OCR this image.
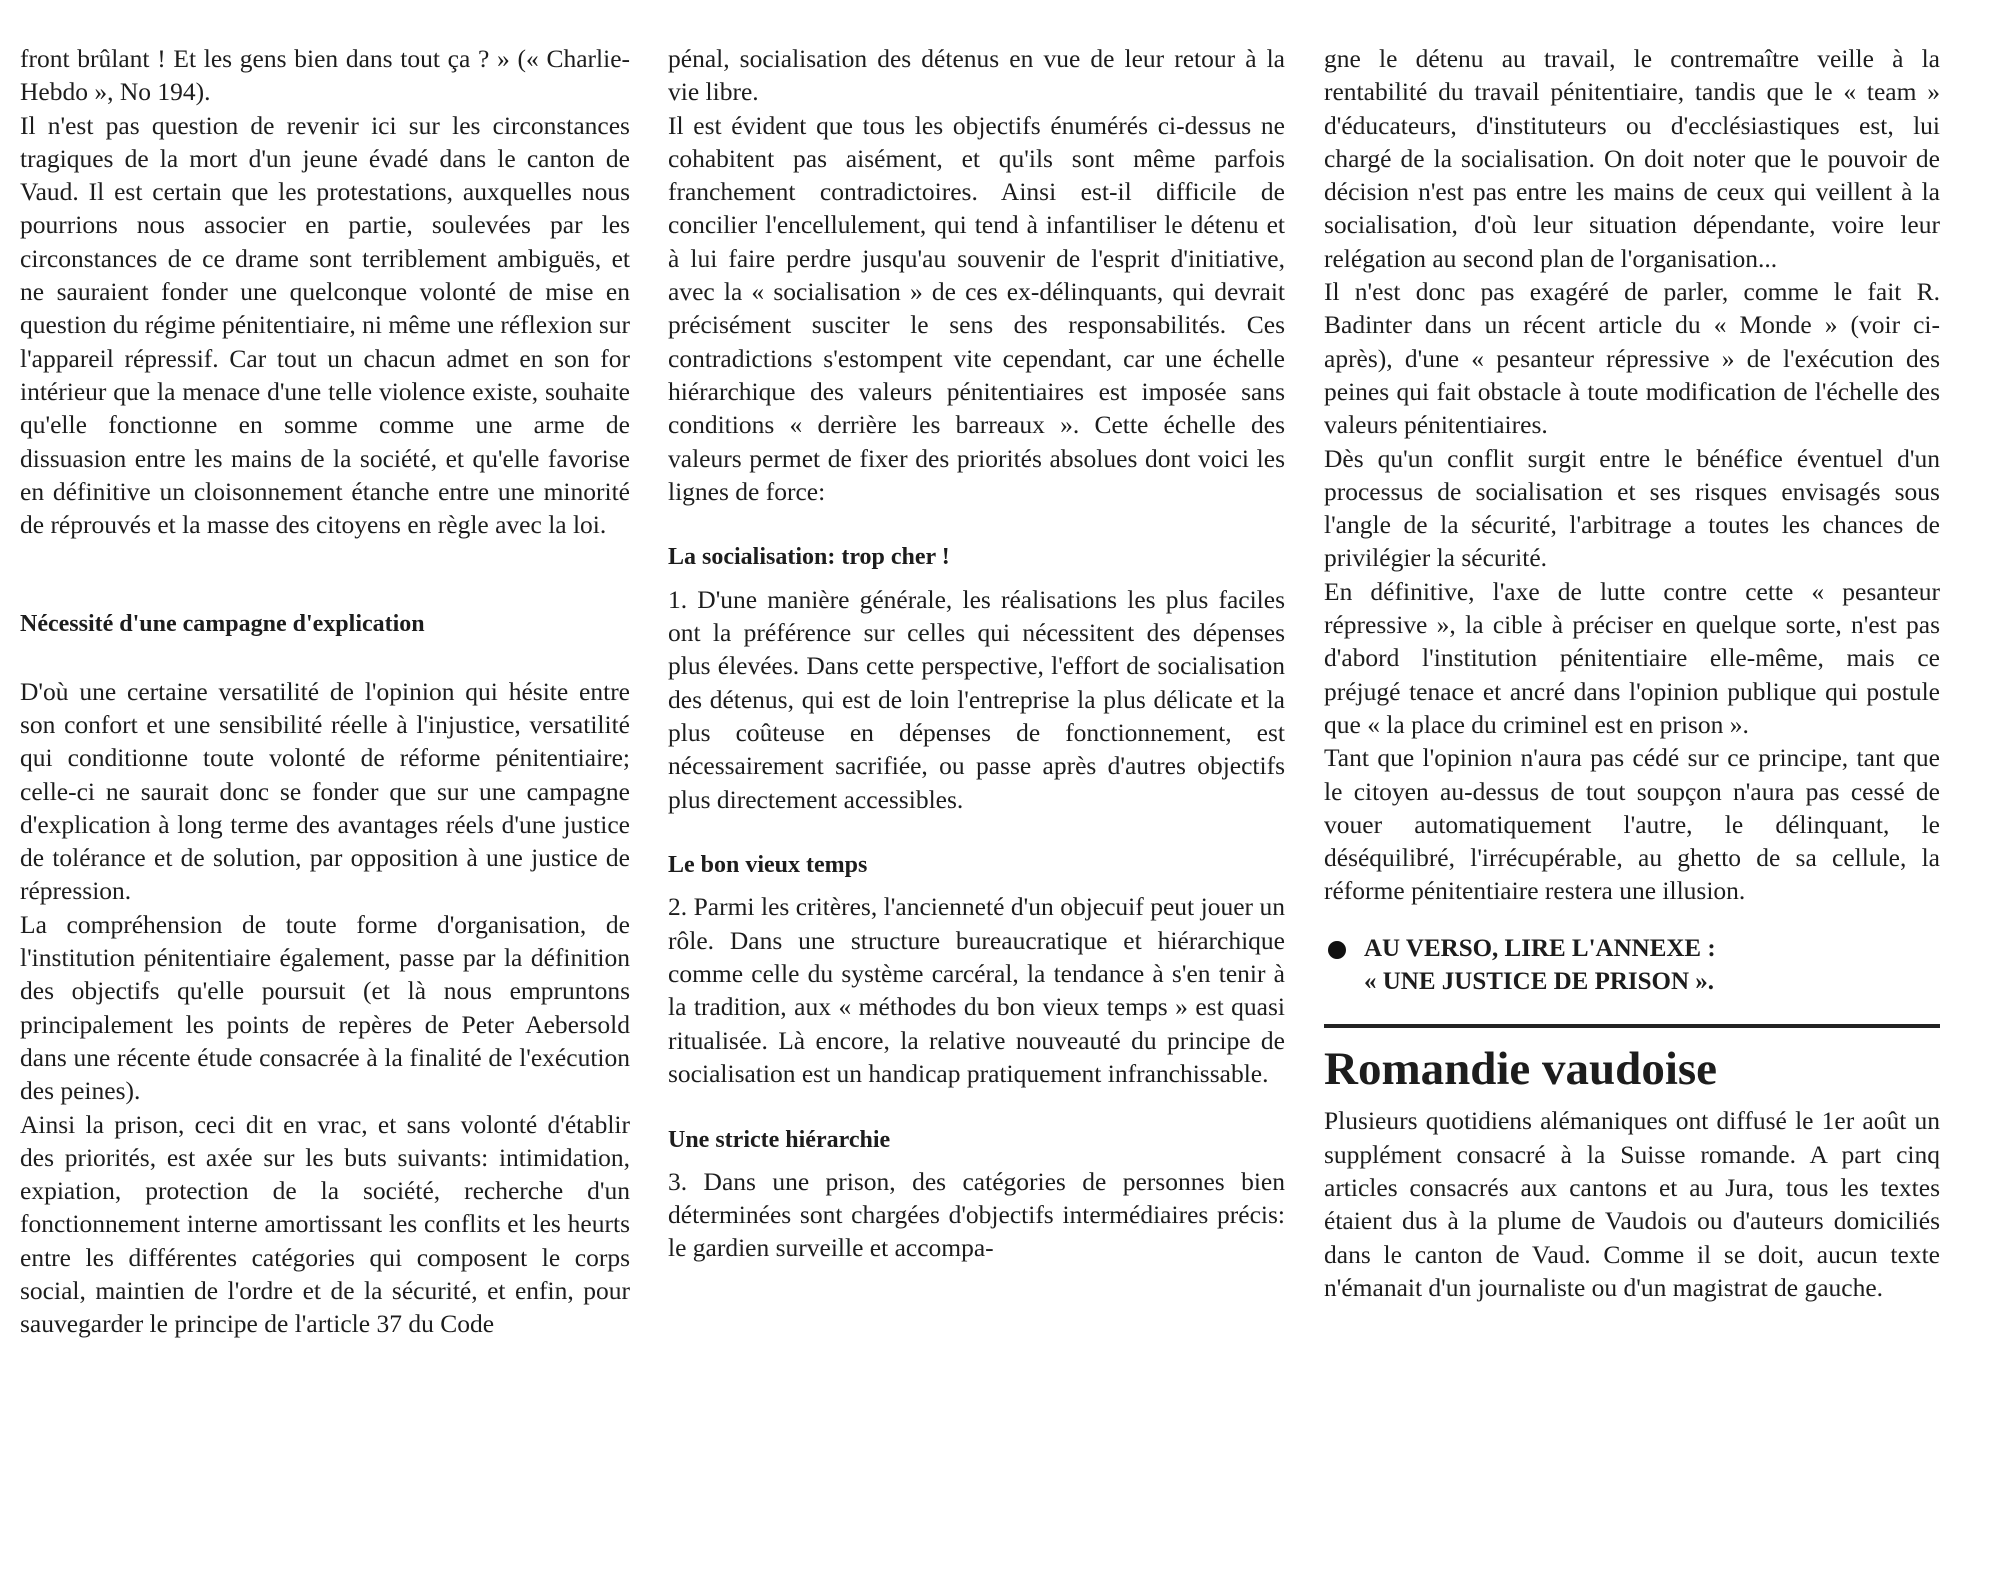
front brûlant ! Et les gens bien dans tout ça ? » (« Charlie-Hebdo », No 194).

Il n'est pas question de revenir ici sur les circonstances tragiques de la mort d'un jeune évadé dans le canton de Vaud. Il est certain que les protestations, auxquelles nous pourrions nous associer en partie, soulevées par les circonstances de ce drame sont terriblement ambiguës, et ne sauraient fonder une quelconque volonté de mise en question du régime pénitentiaire, ni même une réflexion sur l'appareil répressif. Car tout un chacun admet en son for intérieur que la menace d'une telle violence existe, souhaite qu'elle fonctionne en somme comme une arme de dissuasion entre les mains de la société, et qu'elle favorise en définitive un cloisonnement étanche entre une minorité de réprouvés et la masse des citoyens en règle avec la loi.

Nécessité d'une campagne d'explication

D'où une certaine versatilité de l'opinion qui hésite entre son confort et une sensibilité réelle à l'injustice, versatilité qui conditionne toute volonté de réforme pénitentiaire; celle-ci ne saurait donc se fonder que sur une campagne d'explication à long terme des avantages réels d'une justice de tolérance et de solution, par opposition à une justice de répression.

La compréhension de toute forme d'organisation, de l'institution pénitentiaire également, passe par la définition des objectifs qu'elle poursuit (et là nous empruntons principalement les points de repères de Peter Aebersold dans une récente étude consacrée à la finalité de l'exécution des peines).

Ainsi la prison, ceci dit en vrac, et sans volonté d'établir des priorités, est axée sur les buts suivants: intimidation, expiation, protection de la société, recherche d'un fonctionnement interne amortissant les conflits et les heurts entre les différentes catégories qui composent le corps social, maintien de l'ordre et de la sécurité, et enfin, pour sauvegarder le principe de l'article 37 du Code

pénal, socialisation des détenus en vue de leur retour à la vie libre.

Il est évident que tous les objectifs énumérés ci-dessus ne cohabitent pas aisément, et qu'ils sont même parfois franchement contradictoires. Ainsi est-il difficile de concilier l'encellulement, qui tend à infantiliser le détenu et à lui faire perdre jusqu'au souvenir de l'esprit d'initiative, avec la « socialisation » de ces ex-délinquants, qui devrait précisément susciter le sens des responsabilités. Ces contradictions s'estompent vite cependant, car une échelle hiérarchique des valeurs pénitentiaires est imposée sans conditions « derrière les barreaux ». Cette échelle des valeurs permet de fixer des priorités absolues dont voici les lignes de force:

La socialisation: trop cher !

1. D'une manière générale, les réalisations les plus faciles ont la préférence sur celles qui nécessitent des dépenses plus élevées. Dans cette perspective, l'effort de socialisation des détenus, qui est de loin l'entreprise la plus délicate et la plus coûteuse en dépenses de fonctionnement, est nécessairement sacrifiée, ou passe après d'autres objectifs plus directement accessibles.

Le bon vieux temps

2. Parmi les critères, l'ancienneté d'un objecuif peut jouer un rôle. Dans une structure bureaucratique et hiérarchique comme celle du système carcéral, la tendance à s'en tenir à la tradition, aux « méthodes du bon vieux temps » est quasi ritualisée. Là encore, la relative nouveauté du principe de socialisation est un handicap pratiquement infranchissable.

Une stricte hiérarchie

3. Dans une prison, des catégories de personnes bien déterminées sont chargées d'objectifs intermédiaires précis: le gardien surveille et accompa-

gne le détenu au travail, le contremaître veille à la rentabilité du travail pénitentiaire, tandis que le « team » d'éducateurs, d'instituteurs ou d'ecclésiastiques est, lui chargé de la socialisation. On doit noter que le pouvoir de décision n'est pas entre les mains de ceux qui veillent à la socialisation, d'où leur situation dépendante, voire leur relégation au second plan de l'organisation...

Il n'est donc pas exagéré de parler, comme le fait R. Badinter dans un récent article du « Monde » (voir ci-après), d'une « pesanteur répressive » de l'exécution des peines qui fait obstacle à toute modification de l'échelle des valeurs pénitentiaires.

Dès qu'un conflit surgit entre le bénéfice éventuel d'un processus de socialisation et ses risques envisagés sous l'angle de la sécurité, l'arbitrage a toutes les chances de privilégier la sécurité.

En définitive, l'axe de lutte contre cette « pesanteur répressive », la cible à préciser en quelque sorte, n'est pas d'abord l'institution pénitentiaire elle-même, mais ce préjugé tenace et ancré dans l'opinion publique qui postule que « la place du criminel est en prison ».

Tant que l'opinion n'aura pas cédé sur ce principe, tant que le citoyen au-dessus de tout soupçon n'aura pas cessé de vouer automatiquement l'autre, le délinquant, le déséquilibré, l'irrécupérable, au ghetto de sa cellule, la réforme pénitentiaire restera une illusion.

AU VERSO, LIRE L'ANNEXE :
« UNE JUSTICE DE PRISON ».
Romandie vaudoise

Plusieurs quotidiens alémaniques ont diffusé le 1er août un supplément consacré à la Suisse romande. A part cinq articles consacrés aux cantons et au Jura, tous les textes étaient dus à la plume de Vaudois ou d'auteurs domiciliés dans le canton de Vaud. Comme il se doit, aucun texte n'émanait d'un journaliste ou d'un magistrat de gauche.
